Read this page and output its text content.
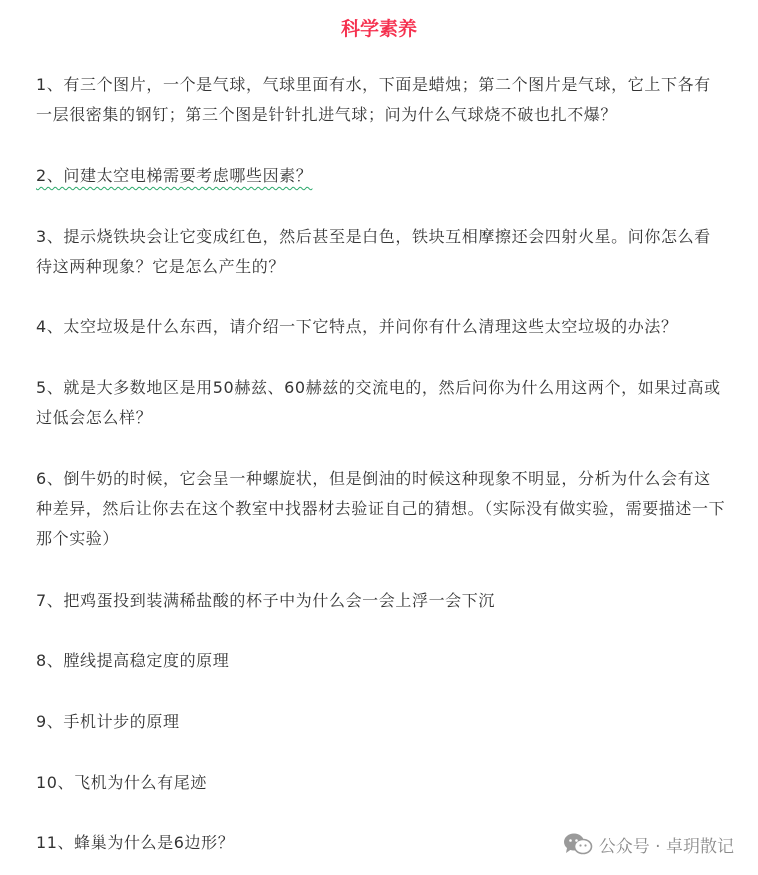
科学素养

1、有三个图片，一个是气球，气球里面有水，下面是蜡烛；第二个图片是气球，它上下各有一层很密集的钢钉；第三个图是针针扎进气球；问为什么气球烧不破也扎不爆？

2、问建太空电梯需要考虑哪些因素？

3、提示烧铁块会让它变成红色，然后甚至是白色，铁块互相摩擦还会四射火星。问你怎么看待这两种现象？它是怎么产生的？

4、太空垃圾是什么东西，请介绍一下它特点，并问你有什么清理这些太空垃圾的办法？

5、就是大多数地区是用50赫兹、60赫兹的交流电的，然后问你为什么用这两个，如果过高或过低会怎么样？

6、倒牛奶的时候，它会呈一种螺旋状，但是倒油的时候这种现象不明显，分析为什么会有这种差异，然后让你去在这个教室中找器材去验证自己的猜想。（实际没有做实验，需要描述一下那个实验）

7、把鸡蛋投到装满稀盐酸的杯子中为什么会一会上浮一会下沉

8、膛线提高稳定度的原理

9、手机计步的原理

10、飞机为什么有尾迹

11、蜂巢为什么是6边形？	公众号 · 卓玥散记
